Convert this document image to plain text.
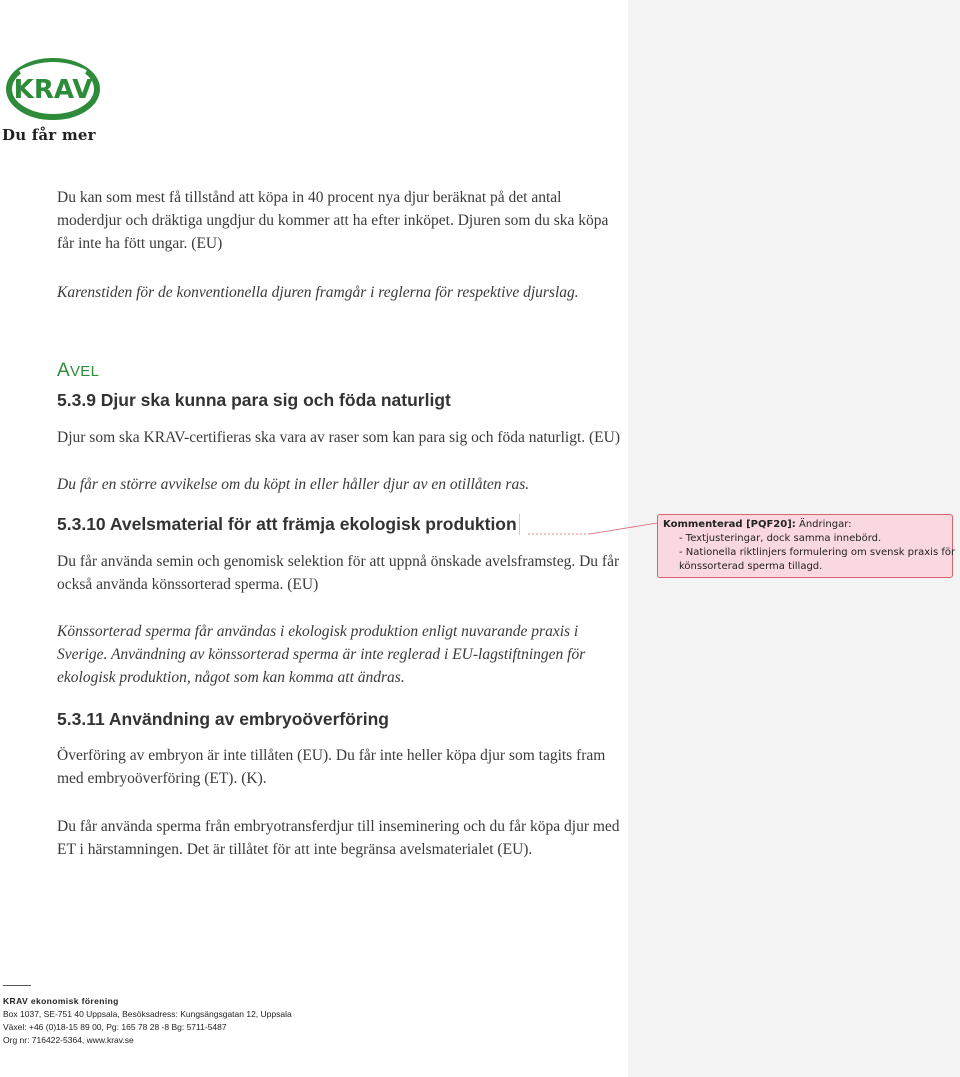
KRAV
Du får mer
Du kan som mest få tillstånd att köpa in 40 procent nya djur beräknat på det antal
moderdjur och dräktiga ungdjur du kommer att ha efter inköpet. Djuren som du ska köpa
får inte ha fött ungar. (EU)
Karenstiden för de konventionella djuren framgår i reglerna för respektive djurslag.
AVEL
5.3.9 Djur ska kunna para sig och föda naturligt
Djur som ska KRAV-certifieras ska vara av raser som kan para sig och föda naturligt. (EU)
Du får en större avvikelse om du köpt in eller håller djur av en otillåten ras.
5.3.10 Avelsmaterial för att främja ekologisk produktion
Du får använda semin och genomisk selektion för att uppnå önskade avelsframsteg. Du får
också använda könssorterad sperma. (EU)
Könssorterad sperma får användas i ekologisk produktion enligt nuvarande praxis i
Sverige. Användning av könssorterad sperma är inte reglerad i EU-lagstiftningen för
ekologisk produktion, något som kan komma att ändras.
5.3.11 Användning av embryoöverföring
Överföring av embryon är inte tillåten (EU). Du får inte heller köpa djur som tagits fram
med embryoöverföring (ET). (K).
Du får använda sperma från embryotransferdjur till inseminering och du får köpa djur med
ET i härstamningen. Det är tillåtet för att inte begränsa avelsmaterialet (EU).
Kommenterad [PQF20]: Ändringar:
- Textjusteringar, dock samma innebörd.
- Nationella riktlinjers formulering om svensk praxis för
könssorterad sperma tillagd.
KRAV ekonomisk förening
Box 1037, SE-751 40 Uppsala, Besöksadress: Kungsängsgatan 12, Uppsala
Växel: +46 (0)18-15 89 00, Pg: 165 78 28 -8 Bg: 5711-5487
Org nr: 716422-5364, www.krav.se
